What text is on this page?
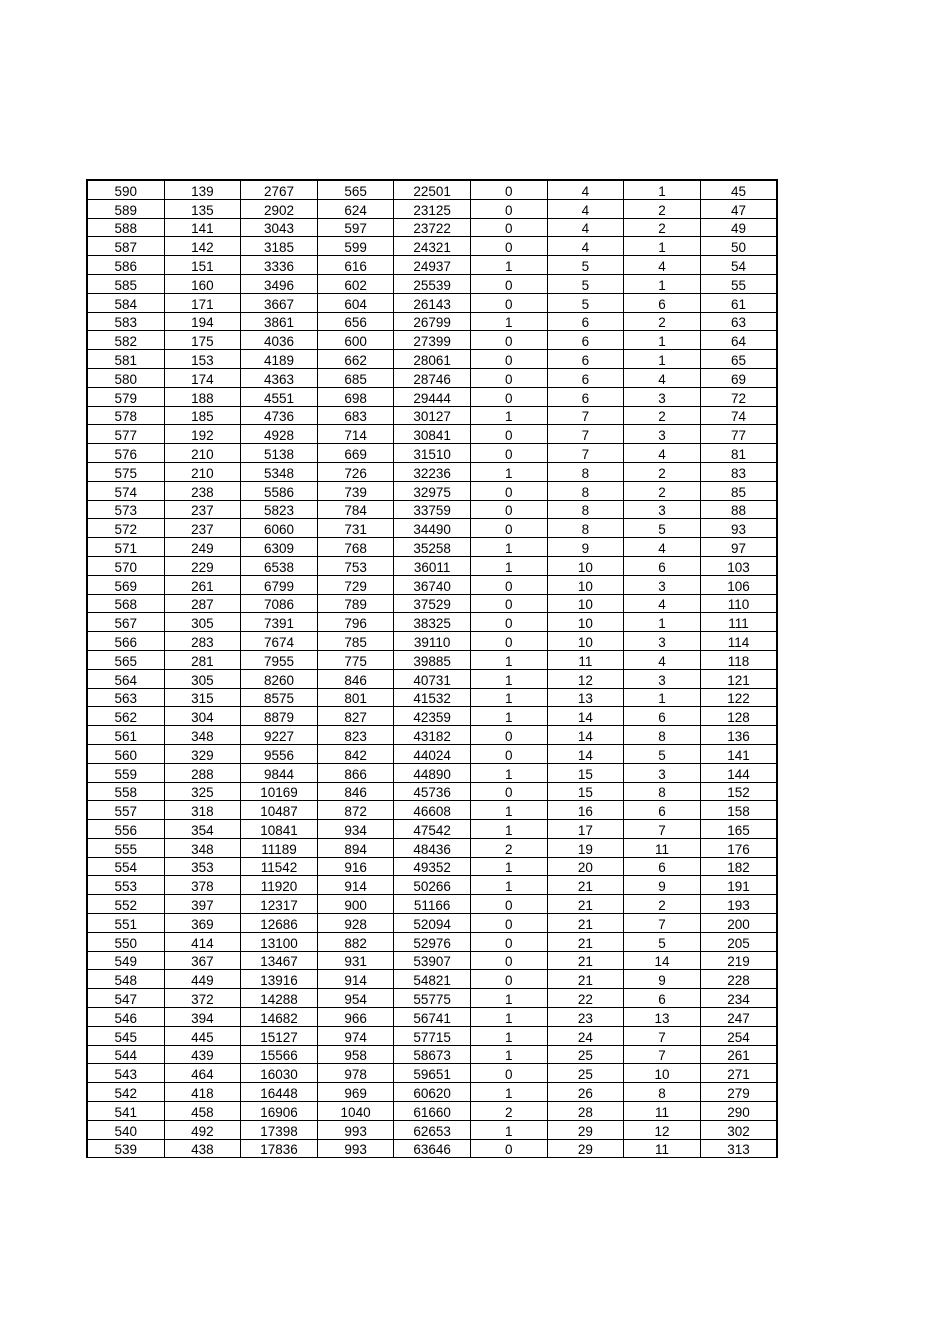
590	139	2767	565	22501	0	4	1	45
589	135	2902	624	23125	0	4	2	47
588	141	3043	597	23722	0	4	2	49
587	142	3185	599	24321	0	4	1	50
586	151	3336	616	24937	1	5	4	54
585	160	3496	602	25539	0	5	1	55
584	171	3667	604	26143	0	5	6	61
583	194	3861	656	26799	1	6	2	63
582	175	4036	600	27399	0	6	1	64
581	153	4189	662	28061	0	6	1	65
580	174	4363	685	28746	0	6	4	69
579	188	4551	698	29444	0	6	3	72
578	185	4736	683	30127	1	7	2	74
577	192	4928	714	30841	0	7	3	77
576	210	5138	669	31510	0	7	4	81
575	210	5348	726	32236	1	8	2	83
574	238	5586	739	32975	0	8	2	85
573	237	5823	784	33759	0	8	3	88
572	237	6060	731	34490	0	8	5	93
571	249	6309	768	35258	1	9	4	97
570	229	6538	753	36011	1	10	6	103
569	261	6799	729	36740	0	10	3	106
568	287	7086	789	37529	0	10	4	110
567	305	7391	796	38325	0	10	1	111
566	283	7674	785	39110	0	10	3	114
565	281	7955	775	39885	1	11	4	118
564	305	8260	846	40731	1	12	3	121
563	315	8575	801	41532	1	13	1	122
562	304	8879	827	42359	1	14	6	128
561	348	9227	823	43182	0	14	8	136
560	329	9556	842	44024	0	14	5	141
559	288	9844	866	44890	1	15	3	144
558	325	10169	846	45736	0	15	8	152
557	318	10487	872	46608	1	16	6	158
556	354	10841	934	47542	1	17	7	165
555	348	11189	894	48436	2	19	11	176
554	353	11542	916	49352	1	20	6	182
553	378	11920	914	50266	1	21	9	191
552	397	12317	900	51166	0	21	2	193
551	369	12686	928	52094	0	21	7	200
550	414	13100	882	52976	0	21	5	205
549	367	13467	931	53907	0	21	14	219
548	449	13916	914	54821	0	21	9	228
547	372	14288	954	55775	1	22	6	234
546	394	14682	966	56741	1	23	13	247
545	445	15127	974	57715	1	24	7	254
544	439	15566	958	58673	1	25	7	261
543	464	16030	978	59651	0	25	10	271
542	418	16448	969	60620	1	26	8	279
541	458	16906	1040	61660	2	28	11	290
540	492	17398	993	62653	1	29	12	302
539	438	17836	993	63646	0	29	11	313
